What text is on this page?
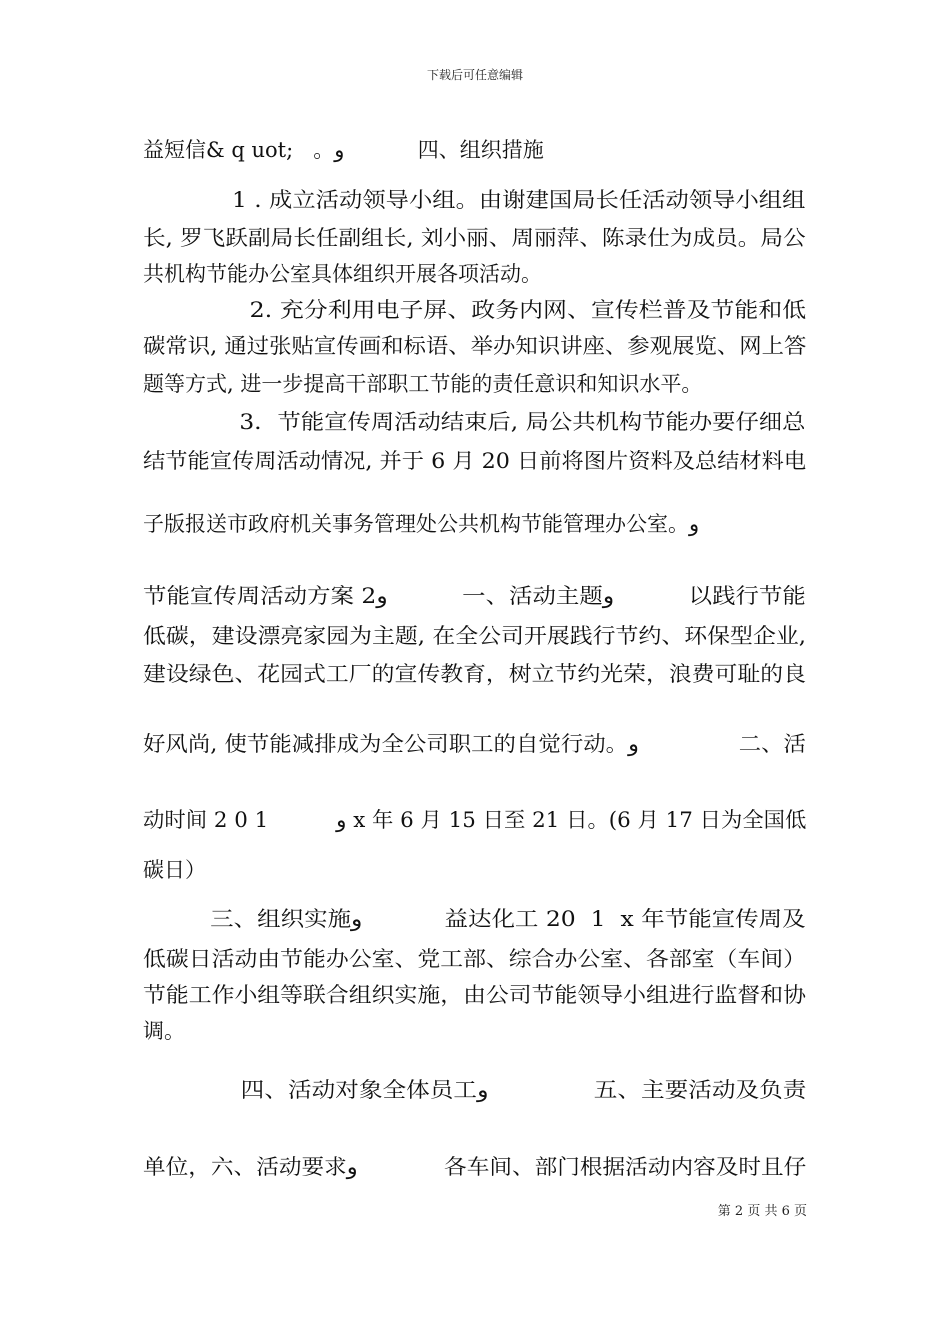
下载后可任意编辑
益短信& q uot;   。ﻭ           四、组织措施
1 . 成立活动领导小组。由谢建国局长任活动领导小组组
长, 罗飞跃副局长任副组长, 刘小丽、周丽萍、陈录仕为成员。局公
共机构节能办公室具体组织开展各项活动。
2. 充分利用电子屏、政务内网、宣传栏普及节能和低
碳常识, 通过张贴宣传画和标语、举办知识讲座、参观展览、网上答
题等方式, 进一步提高干部职工节能的责任意识和知识水平。
3．节能宣传周活动结束后, 局公共机构节能办要仔细总
结节能宣传周活动情况, 并于 6 月 20 日前将图片资料及总结材料电
子版报送市政府机关事务管理处公共机构节能管理办公室。ﻭ
节能宣传周活动方案 2ﻭ          一、活动主题ﻭ          以践行节能
低碳，建设漂亮家园为主题, 在全公司开展践行节约、环保型企业,
建设绿色、花园式工厂的宣传教育，树立节约光荣，浪费可耻的良
好风尚, 使节能减排成为全公司职工的自觉行动。ﻭ              二、活
动时间 2 0 1          ﻭ x 年 6 月 15 日至 21 日。(6 月 17 日为全国低
碳日）
三、组织实施ﻭ           益达化工 20  1  x 年节能宣传周及
低碳日活动由节能办公室、党工部、综合办公室、各部室（车间）
节能工作小组等联合组织实施，由公司节能领导小组进行监督和协
调。
四、活动对象全体员工ﻭ              五、主要活动及负责
单位，六、活动要求ﻭ            各车间、部门根据活动内容及时且仔
第 2 页 共 6 页
